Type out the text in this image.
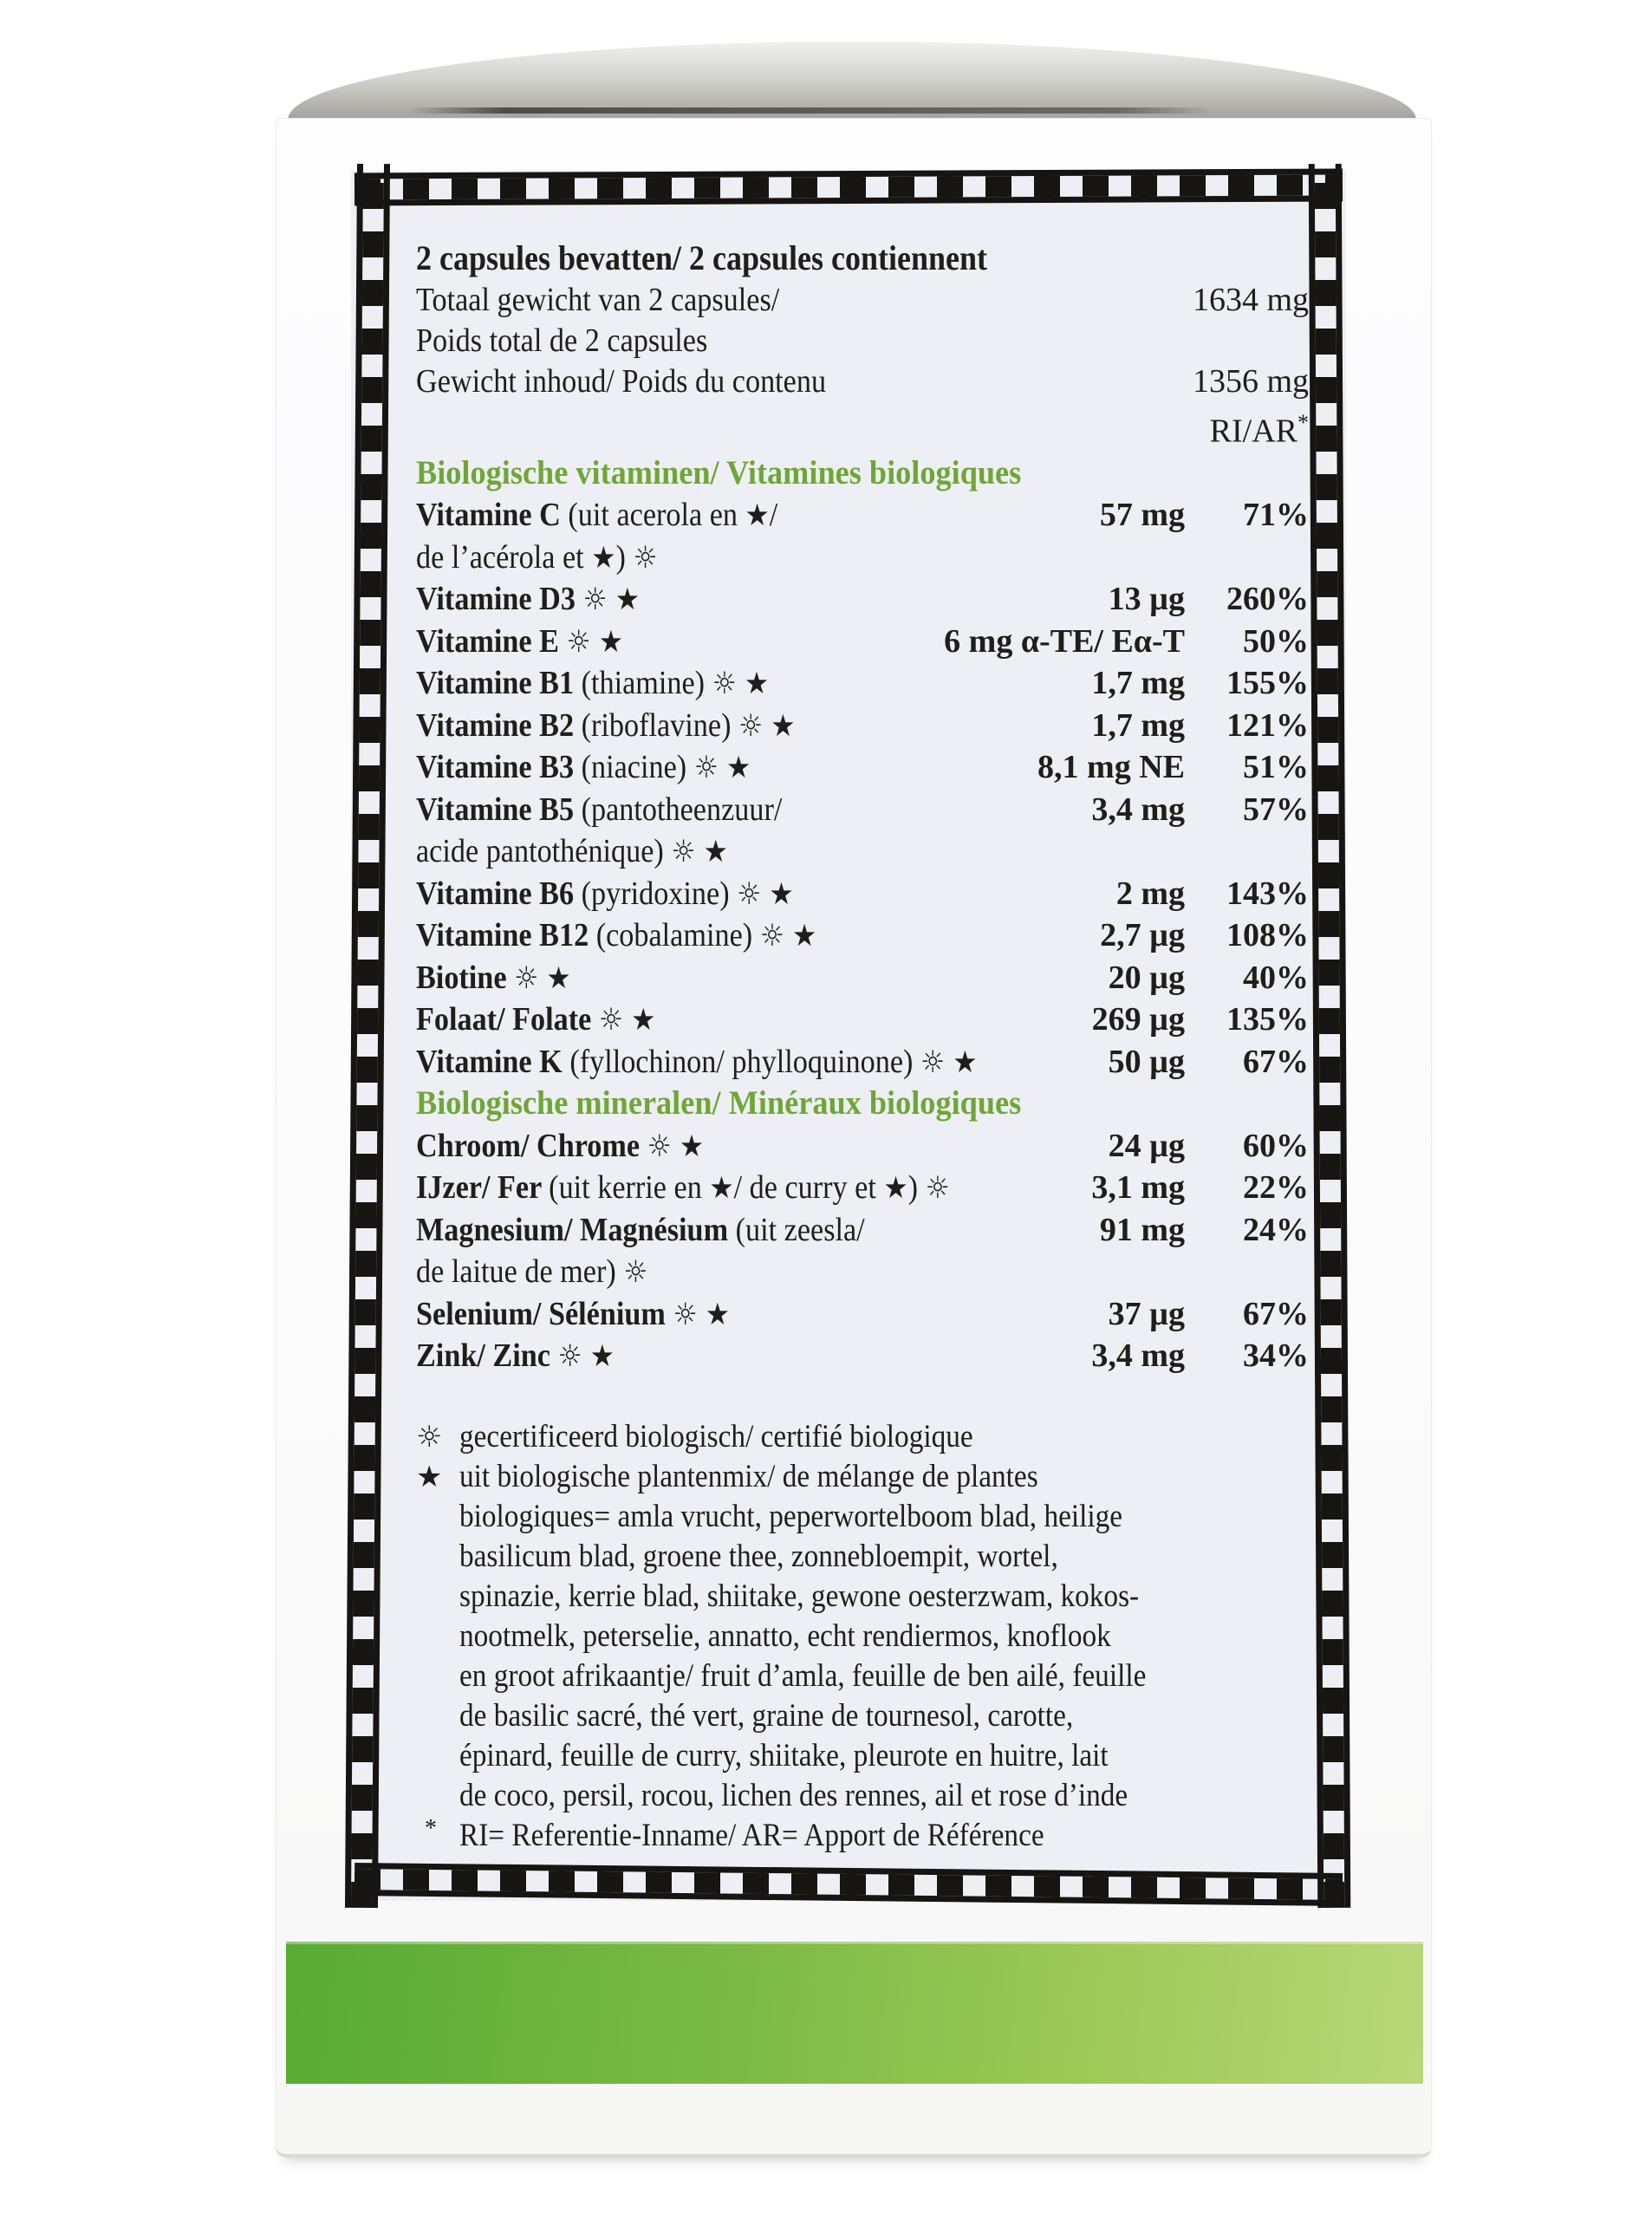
2 capsules bevatten/ 2 capsules contiennent
Totaal gewicht van 2 capsules/	1634 mg
Poids total de 2 capsules
Gewicht inhoud/ Poids du contenu	1356 mg
RI/AR*
Biologische vitaminen/ Vitamines biologiques
Vitamine C (uit acerola en ★/	57 mg	71%
de l’acérola et ★) ☼
Vitamine D3 ☼ ★	13 µg	260%
Vitamine E ☼ ★	6 mg α-TE/ Eα-T	50%
Vitamine B1 (thiamine) ☼ ★	1,7 mg	155%
Vitamine B2 (riboflavine) ☼ ★	1,7 mg	121%
Vitamine B3 (niacine) ☼ ★	8,1 mg NE	51%
Vitamine B5 (pantotheenzuur/	3,4 mg	57%
acide pantothénique) ☼ ★
Vitamine B6 (pyridoxine) ☼ ★	2 mg	143%
Vitamine B12 (cobalamine) ☼ ★	2,7 µg	108%
Biotine ☼ ★	20 µg	40%
Folaat/ Folate ☼ ★	269 µg	135%
Vitamine K (fyllochinon/ phylloquinone) ☼ ★	50 µg	67%
Biologische mineralen/ Minéraux biologiques
Chroom/ Chrome ☼ ★	24 µg	60%
IJzer/ Fer (uit kerrie en ★/ de curry et ★) ☼	3,1 mg	22%
Magnesium/ Magnésium (uit zeesla/	91 mg	24%
de laitue de mer) ☼
Selenium/ Sélénium ☼ ★	37 µg	67%
Zink/ Zinc ☼ ★	3,4 mg	34%
☼ gecertificeerd biologisch/ certifié biologique
★ uit biologische plantenmix/ de mélange de plantes
biologiques= amla vrucht, peperwortelboom blad, heilige
basilicum blad, groene thee, zonnebloempit, wortel,
spinazie, kerrie blad, shiitake, gewone oesterzwam, kokos-
nootmelk, peterselie, annatto, echt rendiermos, knoflook
en groot afrikaantje/ fruit d’amla, feuille de ben ailé, feuille
de basilic sacré, thé vert, graine de tournesol, carotte,
épinard, feuille de curry, shiitake, pleurote en huitre, lait
de coco, persil, rocou, lichen des rennes, ail et rose d’inde
* RI= Referentie-Inname/ AR= Apport de Référence
